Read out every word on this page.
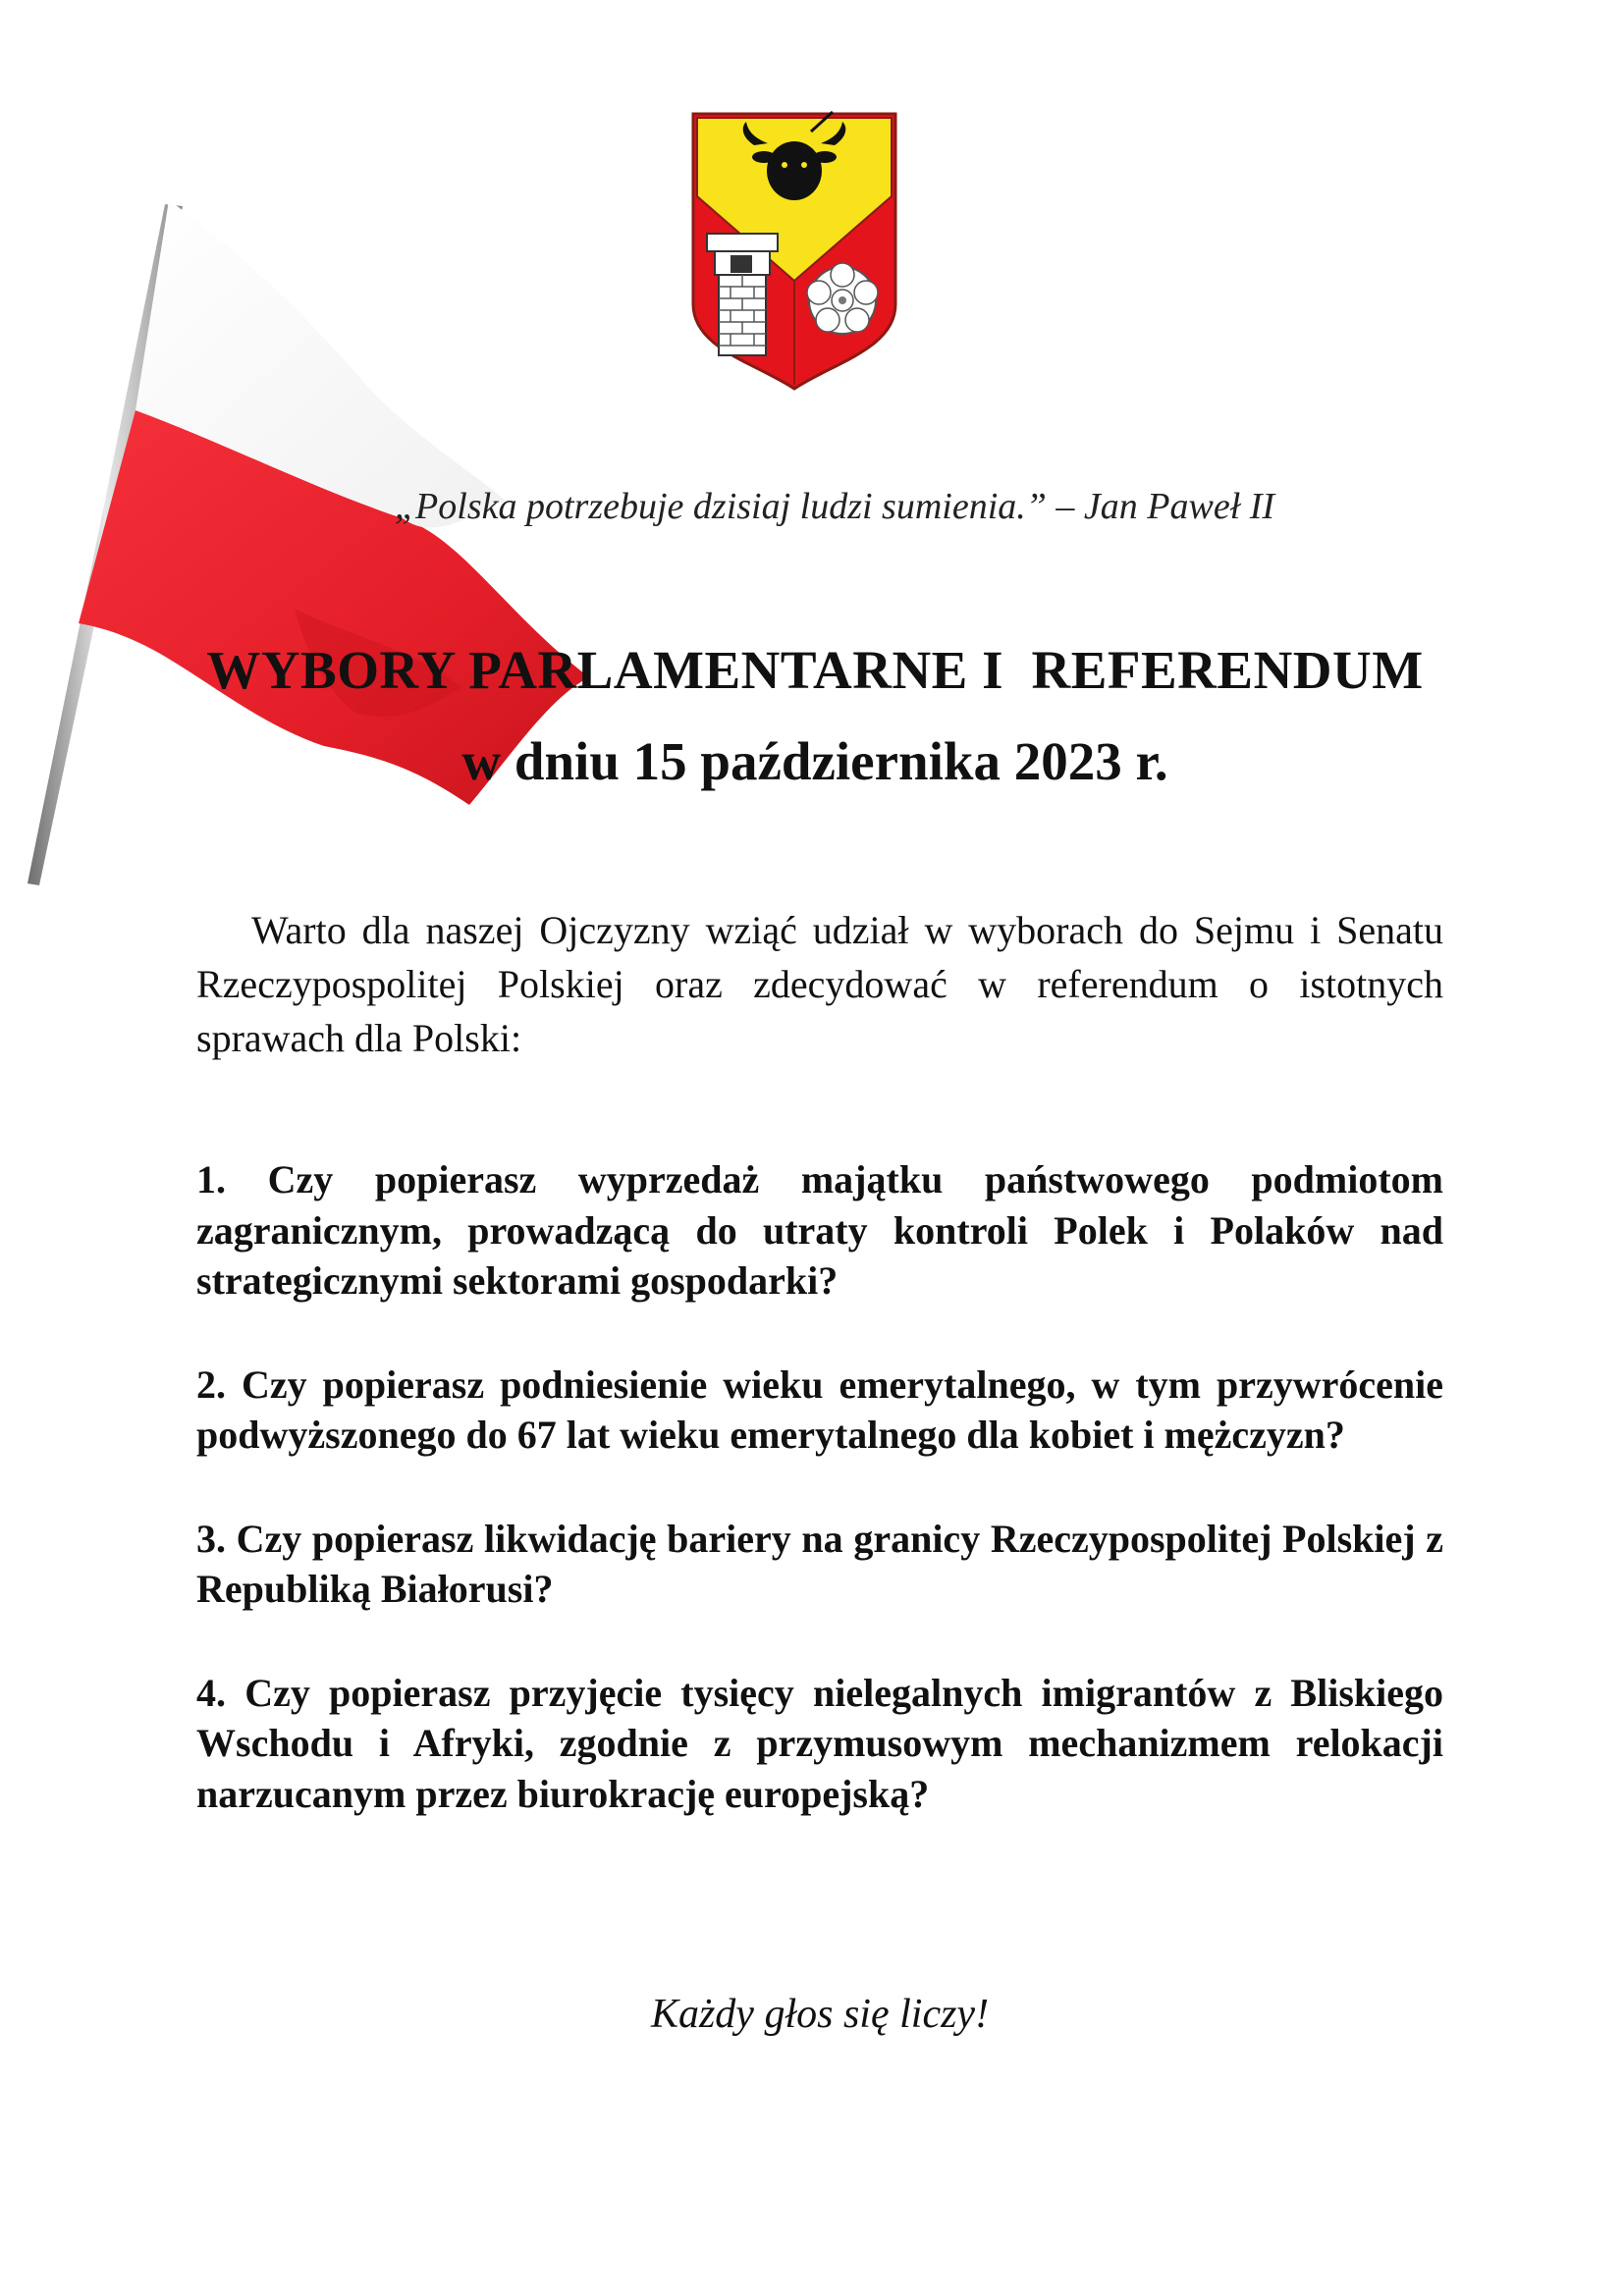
„Polska potrzebuje dzisiaj ludzi sumienia.” – Jan Paweł II
WYBORY PARLAMENTARNE I  REFERENDUM
w dniu 15 października 2023 r.

Warto dla naszej Ojczyzny wziąć udział w wyborach do Sejmu i Senatu Rzeczypospolitej Polskiej oraz zdecydować w referendum o istotnych sprawach dla Polski:

1. Czy popierasz wyprzedaż majątku państwowego podmiotom zagranicznym, prowadzącą do utraty kontroli Polek i Polaków nad strategicznymi sektorami gospodarki?

2. Czy popierasz podniesienie wieku emerytalnego, w tym przywrócenie podwyższonego do 67 lat wieku emerytalnego dla kobiet i mężczyzn?

3. Czy popierasz likwidację bariery na granicy Rzeczypospolitej Polskiej z Republiką Białorusi?

4. Czy popierasz przyjęcie tysięcy nielegalnych imigrantów z Bliskiego Wschodu i Afryki, zgodnie z przymusowym mechanizmem relokacji narzucanym przez biurokrację europejską?

Każdy głos się liczy!
